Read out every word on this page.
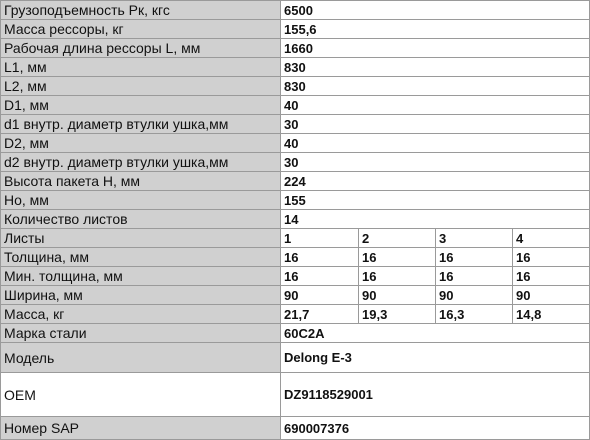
Грузоподъемность Рк, кгс	6500			
Масса рессоры, кг	155,6			
Рабочая длина рессоры L, мм	1660			
L1, мм	830			
L2, мм	830			
D1, мм	40			
d1 внутр. диаметр втулки ушка,мм	30			
D2, мм	40			
d2 внутр. диаметр втулки ушка,мм	30			
Высота пакета H, мм	224			
Ho, мм	155			
Количество листов	14			
Листы	1	2	3	4
Толщина, мм	16	16	16	16
Мин. толщина, мм	16	16	16	16
Ширина, мм	90	90	90	90
Масса, кг	21,7	19,3	16,3	14,8
Марка стали	60С2А			
Модель	Delong E-3			
OEM	DZ9118529001			
Номер SAP	690007376			
